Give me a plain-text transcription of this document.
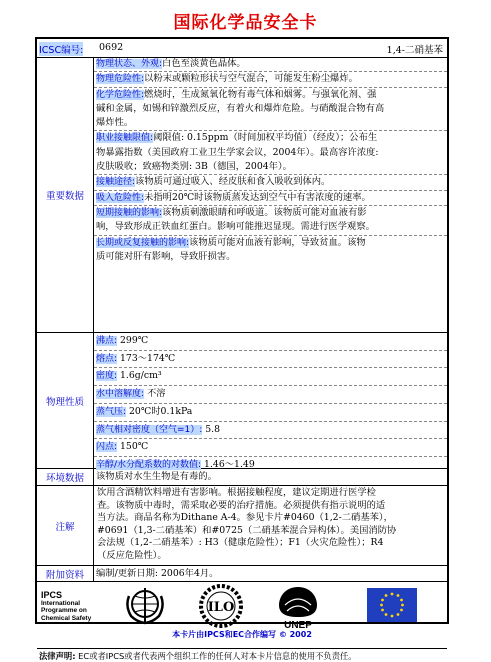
国际化学品安全卡
ICSC编号: 0692	1,4-二硝基苯
重要数据
物理状态、外观:白色至淡黄色晶体。
物理危险性:以粉末或颗粒形状与空气混合，可能发生粉尘爆炸。
化学危险性:燃烧时，生成氮氧化物有毒气体和烟雾。与强氧化剂、强
碱和金属，如锡和锌激烈反应，有着火和爆炸危险。与硝酸混合物有高
爆炸性。
职业接触限值:阈限值: 0.15ppm（时间加权平均值）（经皮）；公布生
物暴露指数（美国政府工业卫生学家会议，2004年）。最高容许浓度:
皮肤吸收；致癌物类别: 3B（德国，2004年）。
接触途径:该物质可通过吸入、经皮肤和食入吸收到体内。
吸入危险性:未指明20℃时该物质蒸发达到空气中有害浓度的速率。
短期接触的影响:该物质刺激眼睛和呼吸道。该物质可能对血液有影
响，导致形成正铁血红蛋白。影响可能推迟显现。需进行医学观察。
长期或反复接触的影响:该物质可能对血液有影响，导致贫血。该物
质可能对肝有影响，导致肝损害。
物理性质
沸点: 299℃
熔点: 173～174℃
密度: 1.6g/cm³
水中溶解度: 不溶
蒸气压: 20℃时0.1kPa
蒸气相对密度（空气=1）: 5.8
闪点: 150℃
辛醇/水分配系数的对数值: 1.46～1.49
环境数据	该物质对水生生物是有毒的。
注解
饮用含酒精饮料增进有害影响。根据接触程度，建议定期进行医学检
查。该物质中毒时，需采取必要的治疗措施。必须提供有指示说明的适
当方法。商品名称为Dithane A-4。参见卡片#0460（1,2-二硝基苯），
#0691（1,3-二硝基苯）和#0725（二硝基苯混合异构体）。美国消防协
会法规（1,2-二硝基苯）: H3（健康危险性）；F1（火灾危险性）；R4
（反应危险性）。
附加资料	编制/更新日期: 2006年4月。
IPCS
International
Programme on
Chemical Safety
ILO
UNEP
本卡片由IPCS和EC合作编写 © 2002
法律声明: EC或者IPCS或者代表两个组织工作的任何人对本卡片信息的使用不负责任。
